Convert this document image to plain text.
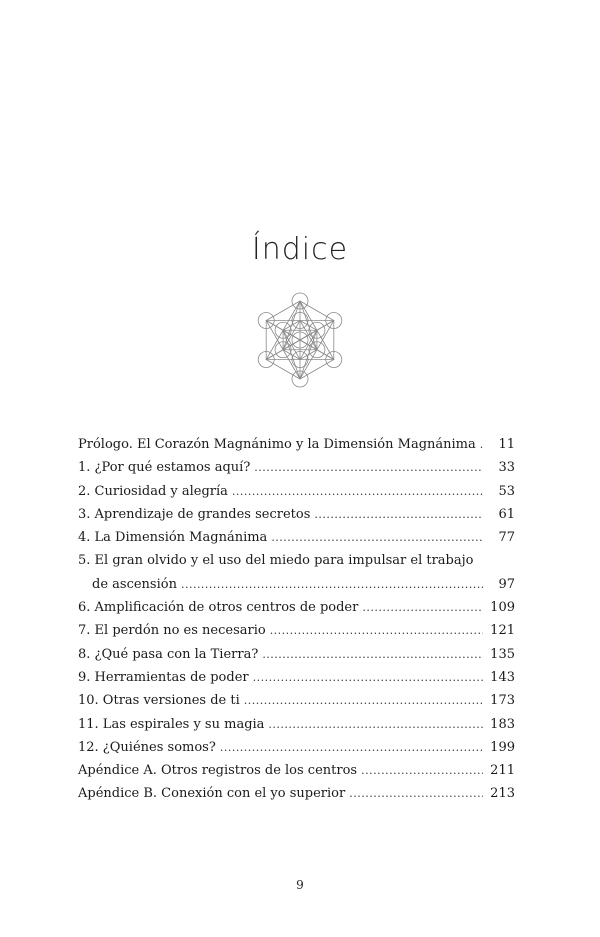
Índice
Prólogo. El Corazón Magnánimo y la Dimensión Magnánima .....	11
1. ¿Por qué estamos aquí? .....	33
2. Curiosidad y alegría .....	53
3. Aprendizaje de grandes secretos .....	61
4. La Dimensión Magnánima .....	77
5. El gran olvido y el uso del miedo para impulsar el trabajo
de ascensión .....	97
6. Amplificación de otros centros de poder .....	109
7. El perdón no es necesario .....	121
8. ¿Qué pasa con la Tierra? .....	135
9. Herramientas de poder .....	143
10. Otras versiones de ti .....	173
11. Las espirales y su magia .....	183
12. ¿Quiénes somos? .....	199
Apéndice A. Otros registros de los centros .....	211
Apéndice B. Conexión con el yo superior .....	213
9
